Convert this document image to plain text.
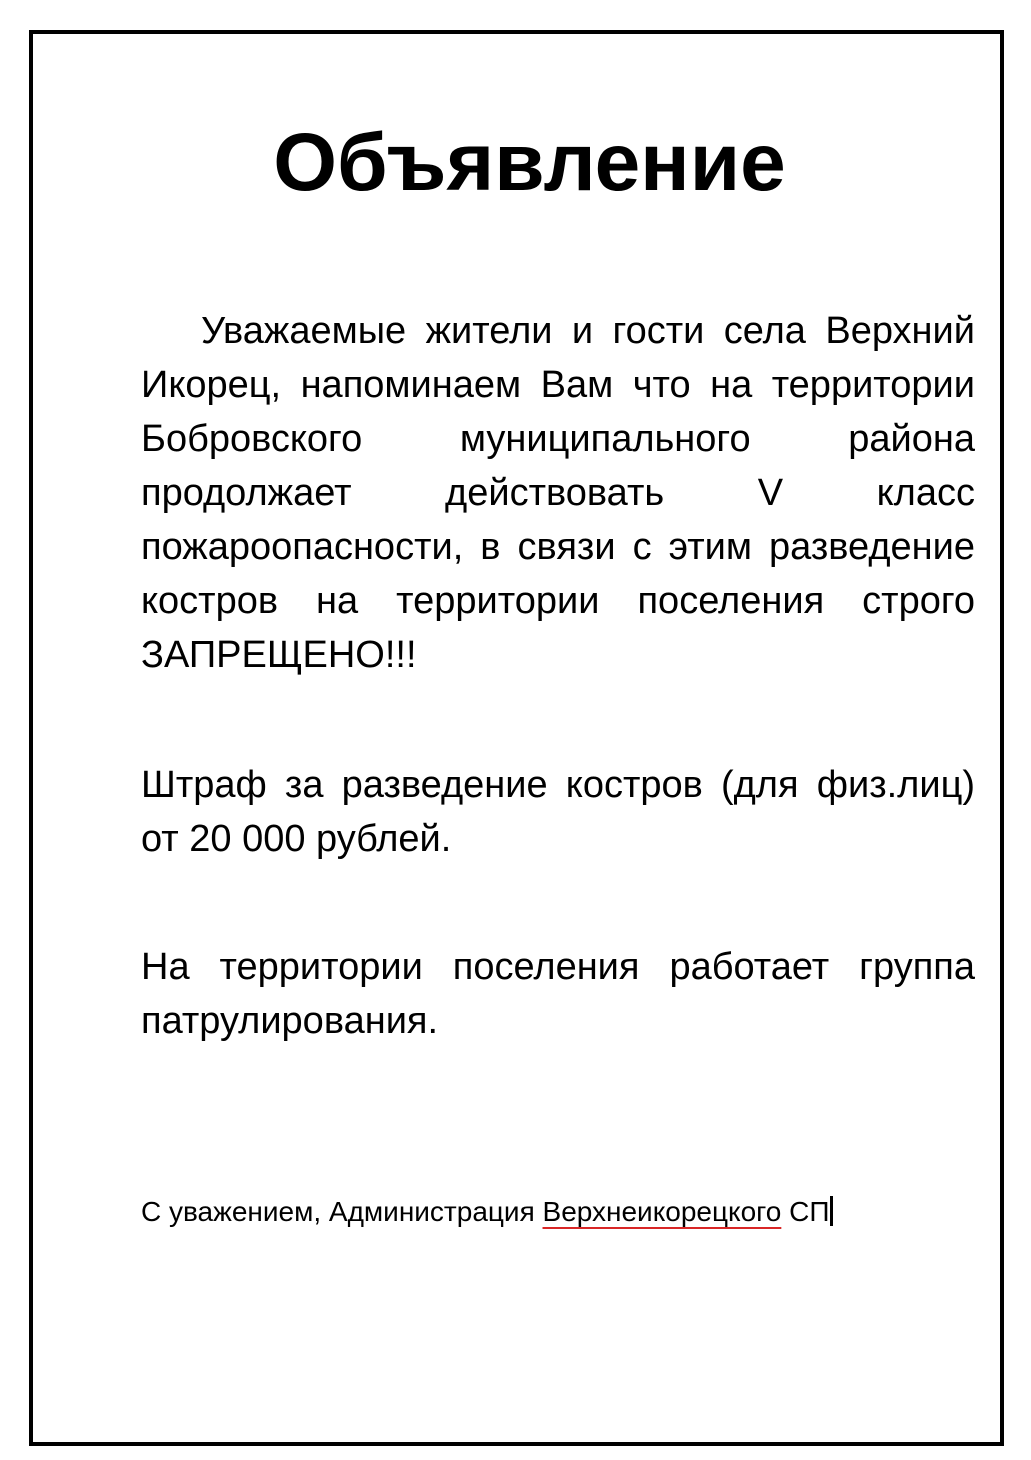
Объявление

Уважаемые жители и гости села Верхний Икорец, напоминаем Вам что на территории Бобровского муниципального района продолжает действовать V класс пожароопасности, в связи с этим разведение костров на территории поселения строго ЗАПРЕЩЕНО!!!

Штраф за разведение костров (для физ.лиц) от 20 000 рублей.

На территории поселения работает группа патрулирования.

С уважением, Администрация Верхнеикорецкого СП
